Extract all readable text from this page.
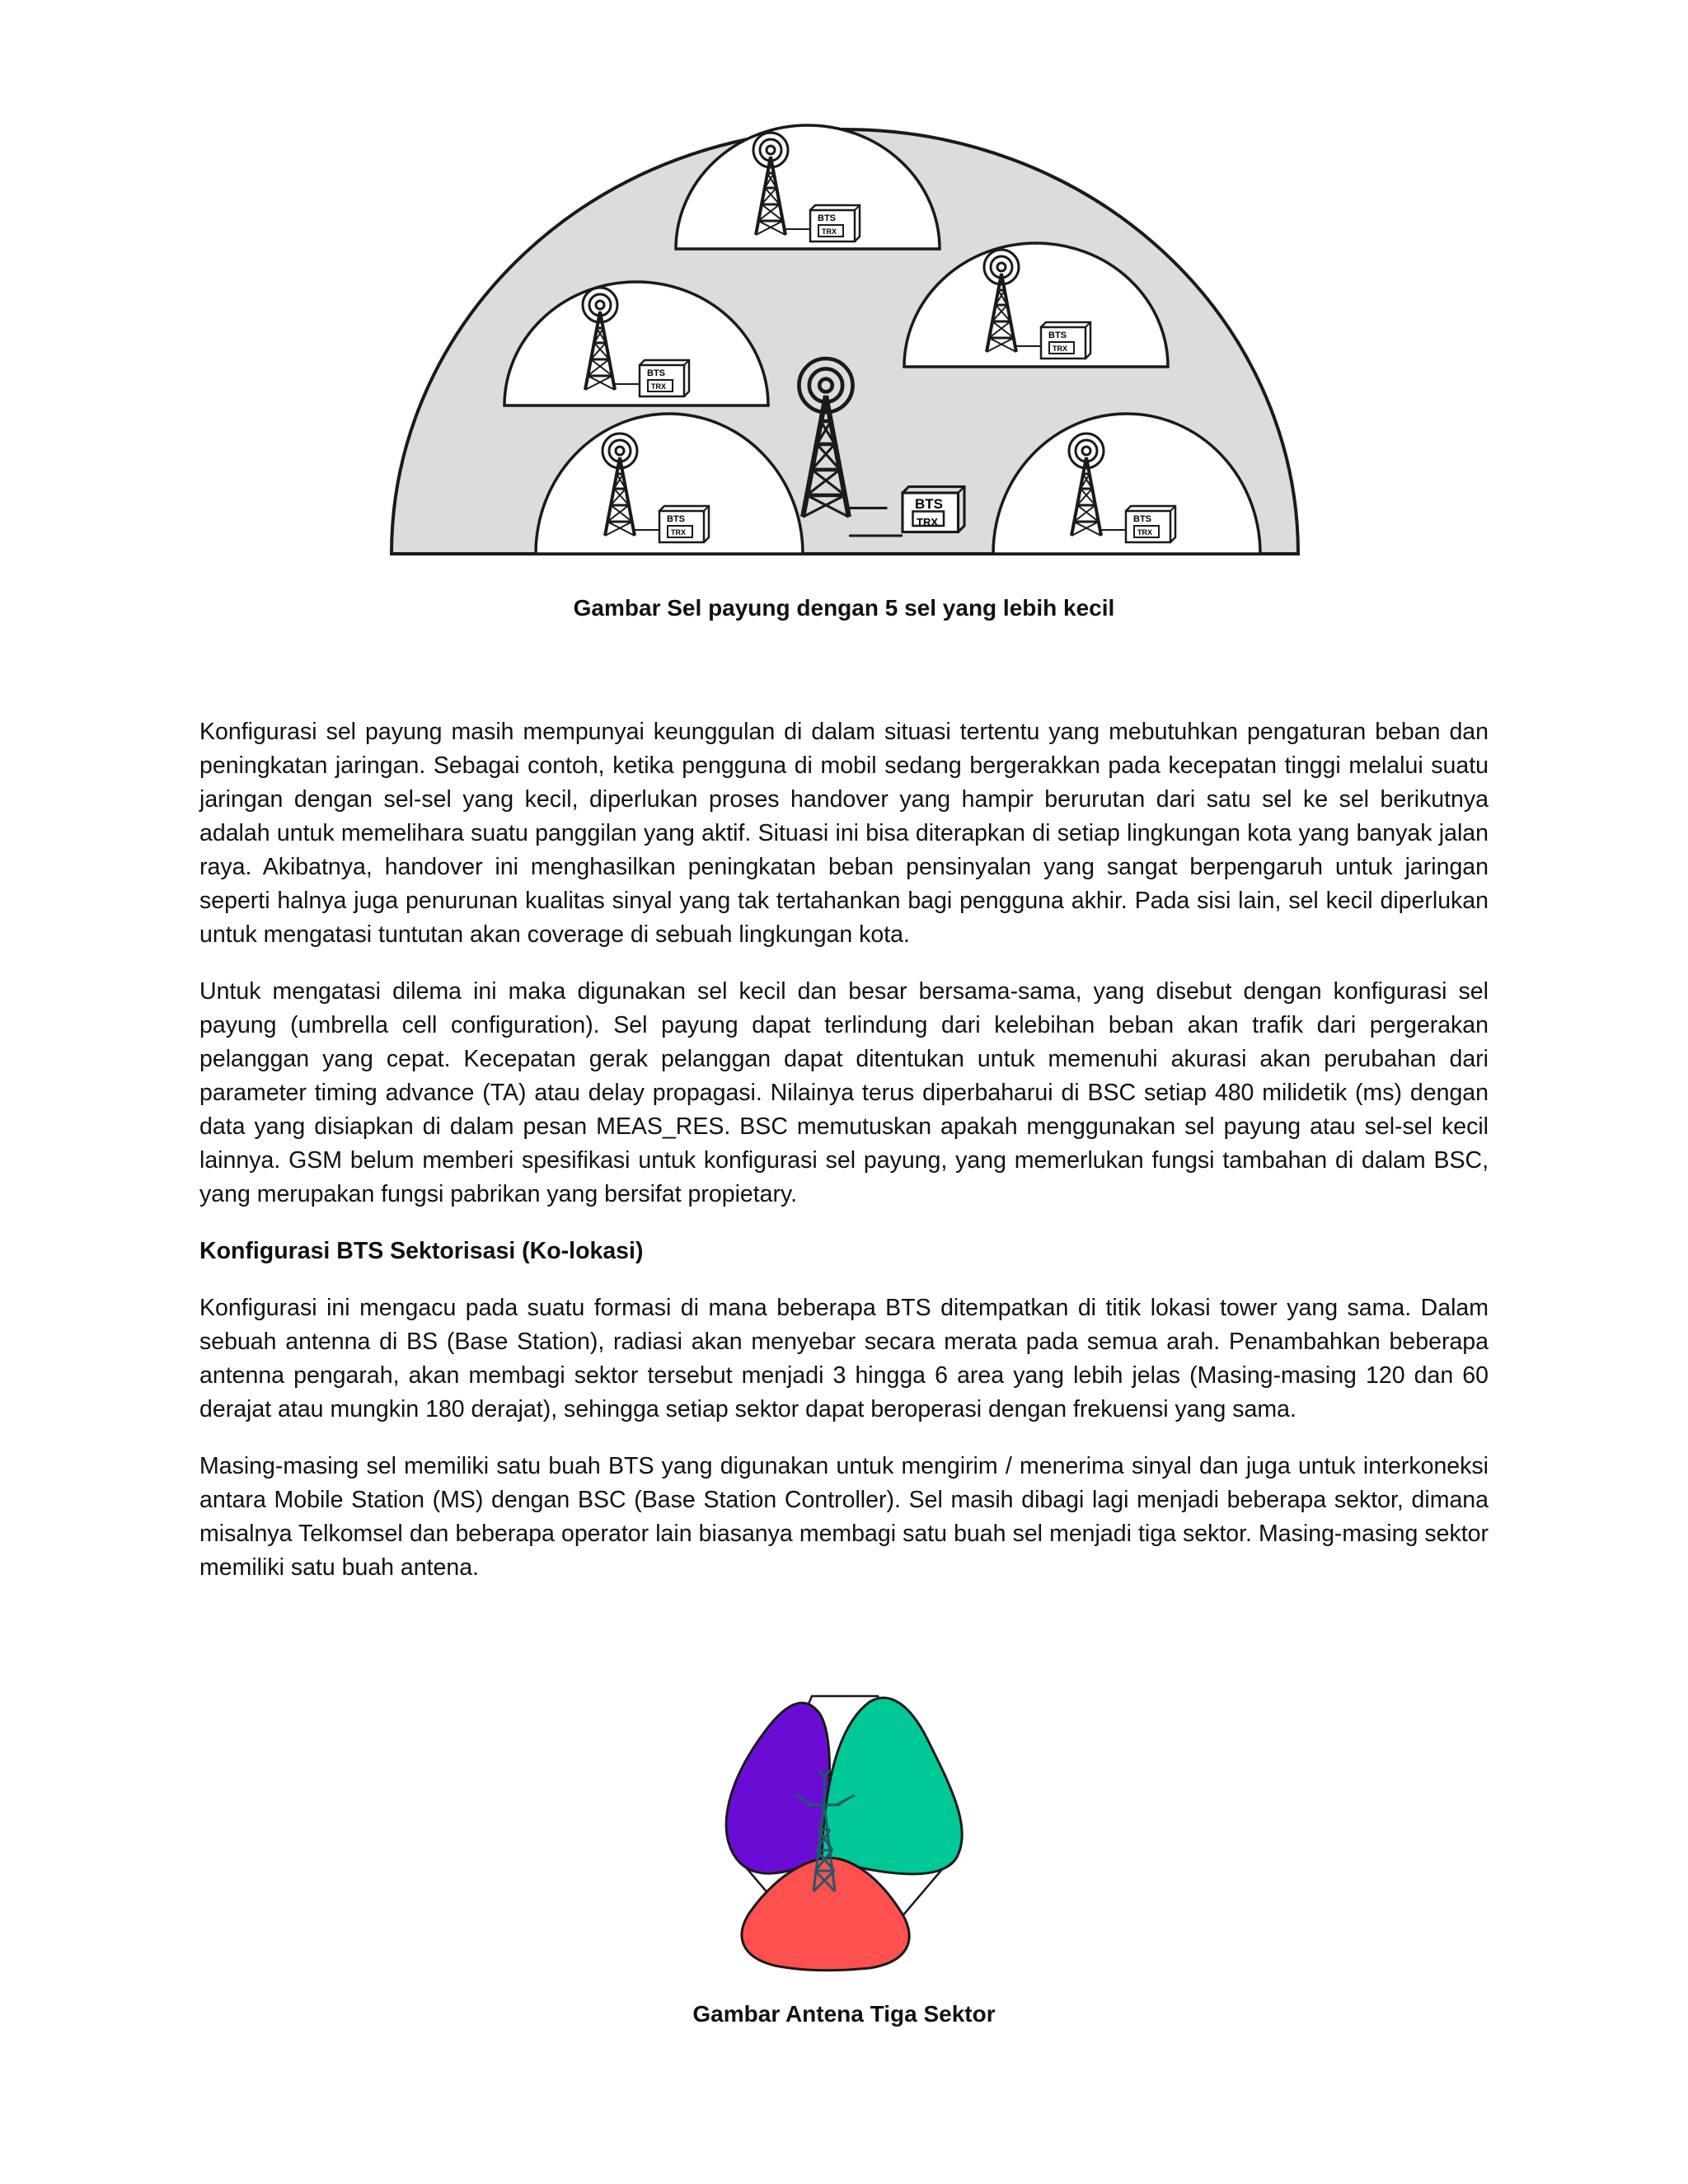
BTS
TRX
BTS
TRX
BTS
TRX
BTS
TRX
BTS
TRX
BTS
TRX
Gambar Sel payung dengan 5 sel yang lebih kecil

Konfigurasi sel payung masih mempunyai keunggulan di dalam situasi tertentu yang mebutuhkan pengaturan beban dan peningkatan jaringan. Sebagai contoh, ketika pengguna di mobil sedang bergerakkan pada kecepatan tinggi melalui suatu jaringan dengan sel-sel yang kecil, diperlukan proses handover yang hampir berurutan dari satu sel ke sel berikutnya adalah untuk memelihara suatu panggilan yang aktif. Situasi ini bisa diterapkan di setiap lingkungan kota yang banyak jalan raya. Akibatnya, handover ini menghasilkan peningkatan beban pensinyalan yang sangat berpengaruh untuk jaringan seperti halnya juga penurunan kualitas sinyal yang tak tertahankan bagi pengguna akhir. Pada sisi lain, sel kecil diperlukan untuk mengatasi tuntutan akan coverage di sebuah lingkungan kota.

Untuk mengatasi dilema ini maka digunakan sel kecil dan besar bersama-sama, yang disebut dengan konfigurasi sel payung (umbrella cell configuration). Sel payung dapat terlindung dari kelebihan beban akan trafik dari pergerakan pelanggan yang cepat. Kecepatan gerak pelanggan dapat ditentukan untuk memenuhi akurasi akan perubahan dari parameter timing advance (TA) atau delay propagasi. Nilainya terus diperbaharui di BSC setiap 480 milidetik (ms) dengan data yang disiapkan di dalam pesan MEAS_RES. BSC memutuskan apakah menggunakan sel payung atau sel-sel kecil lainnya. GSM belum memberi spesifikasi untuk konfigurasi sel payung, yang memerlukan fungsi tambahan di dalam BSC, yang merupakan fungsi pabrikan yang bersifat propietary.

Konfigurasi BTS Sektorisasi (Ko-lokasi)

Konfigurasi ini mengacu pada suatu formasi di mana beberapa BTS ditempatkan di titik lokasi tower yang sama. Dalam sebuah antenna di BS (Base Station), radiasi akan menyebar secara merata pada semua arah. Penambahkan beberapa antenna pengarah, akan membagi sektor tersebut menjadi 3 hingga 6 area yang lebih jelas (Masing-masing 120 dan 60 derajat atau mungkin 180 derajat), sehingga setiap sektor dapat beroperasi dengan frekuensi yang sama.

Masing-masing sel memiliki satu buah BTS yang digunakan untuk mengirim / menerima sinyal dan juga untuk interkoneksi antara Mobile Station (MS) dengan BSC (Base Station Controller). Sel masih dibagi lagi menjadi beberapa sektor, dimana misalnya Telkomsel dan beberapa operator lain biasanya membagi satu buah sel menjadi tiga sektor. Masing-masing sektor memiliki satu buah antena.

Gambar Antena Tiga Sektor
